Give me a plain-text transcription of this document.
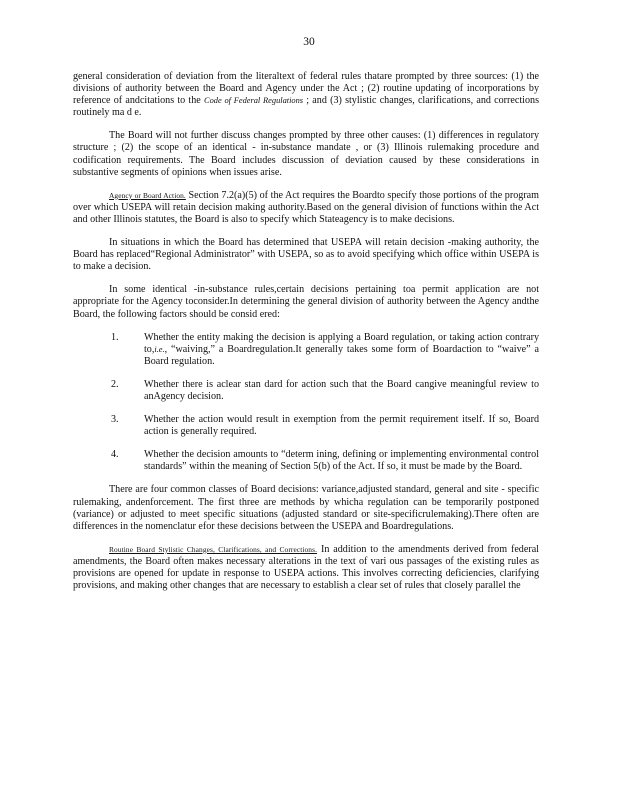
30

general consideration of deviation from the literaltext of federal rules thatare prompted by three sources: (1) the divisions of authority between the Board and Agency under the Act ; (2) routine updating of incorporations by reference of andcitations to the Code of Federal Regulations ; and (3) stylistic changes, clarifications, and corrections routinely ma d e.

The Board will not further discuss changes prompted by three other causes: (1) differences in regulatory structure ; (2) the scope of an identical - in-substance mandate , or (3) Illinois rulemaking procedure and codification requirements. The Board includes discussion of deviation caused by these considerations in substantive segments of opinions when issues arise.

Agency or Board Action. Section 7.2(a)(5) of the Act requires the Boardto specify those portions of the program over which USEPA will retain decision making authority.Based on the general division of functions within the Act and other Illinois statutes, the Board is also to specify which Stateagency is to make decisions.

In situations in which the Board has determined that USEPA will retain decision -making authority, the Board has replaced“Regional Administrator” with USEPA, so as to avoid specifying which office within USEPA is to make a decision.

In some identical -in-substance rules,certain decisions pertaining toa permit application are not appropriate for the Agency toconsider.In determining the general division of authority between the Agency andthe Board, the following factors should be consid ered:

1.	Whether the entity making the decision is applying a Board regulation, or taking action contrary to,i.e., “waiving,” a Boardregulation.It generally takes some form of Boardaction to “waive” a Board regulation.
2.	Whether there is aclear stan dard for action such that the Board cangive meaningful review to anAgency decision.
3.	Whether the action would result in exemption from the permit requirement itself. If so, Board action is generally required.
4.	Whether the decision amounts to “determ ining, defining or implementing environmental control standards” within the meaning of Section 5(b) of the Act. If so, it must be made by the Board.

There are four common classes of Board decisions: variance,adjusted standard, general and site - specific rulemaking, andenforcement. The first three are methods by whicha regulation can be temporarily postponed (variance) or adjusted to meet specific situations (adjusted standard or site-specificrulemaking).There often are differences in the nomenclatur efor these decisions between the USEPA and Boardregulations.

Routine Board Stylistic Changes, Clarifications, and Corrections. In addition to the amendments derived from federal amendments, the Board often makes necessary alterations in the text of vari ous passages of the existing rules as provisions are opened for update in response to USEPA actions. This involves correcting deficiencies, clarifying provisions, and making other changes that are necessary to establish a clear set of rules that closely parallel the
